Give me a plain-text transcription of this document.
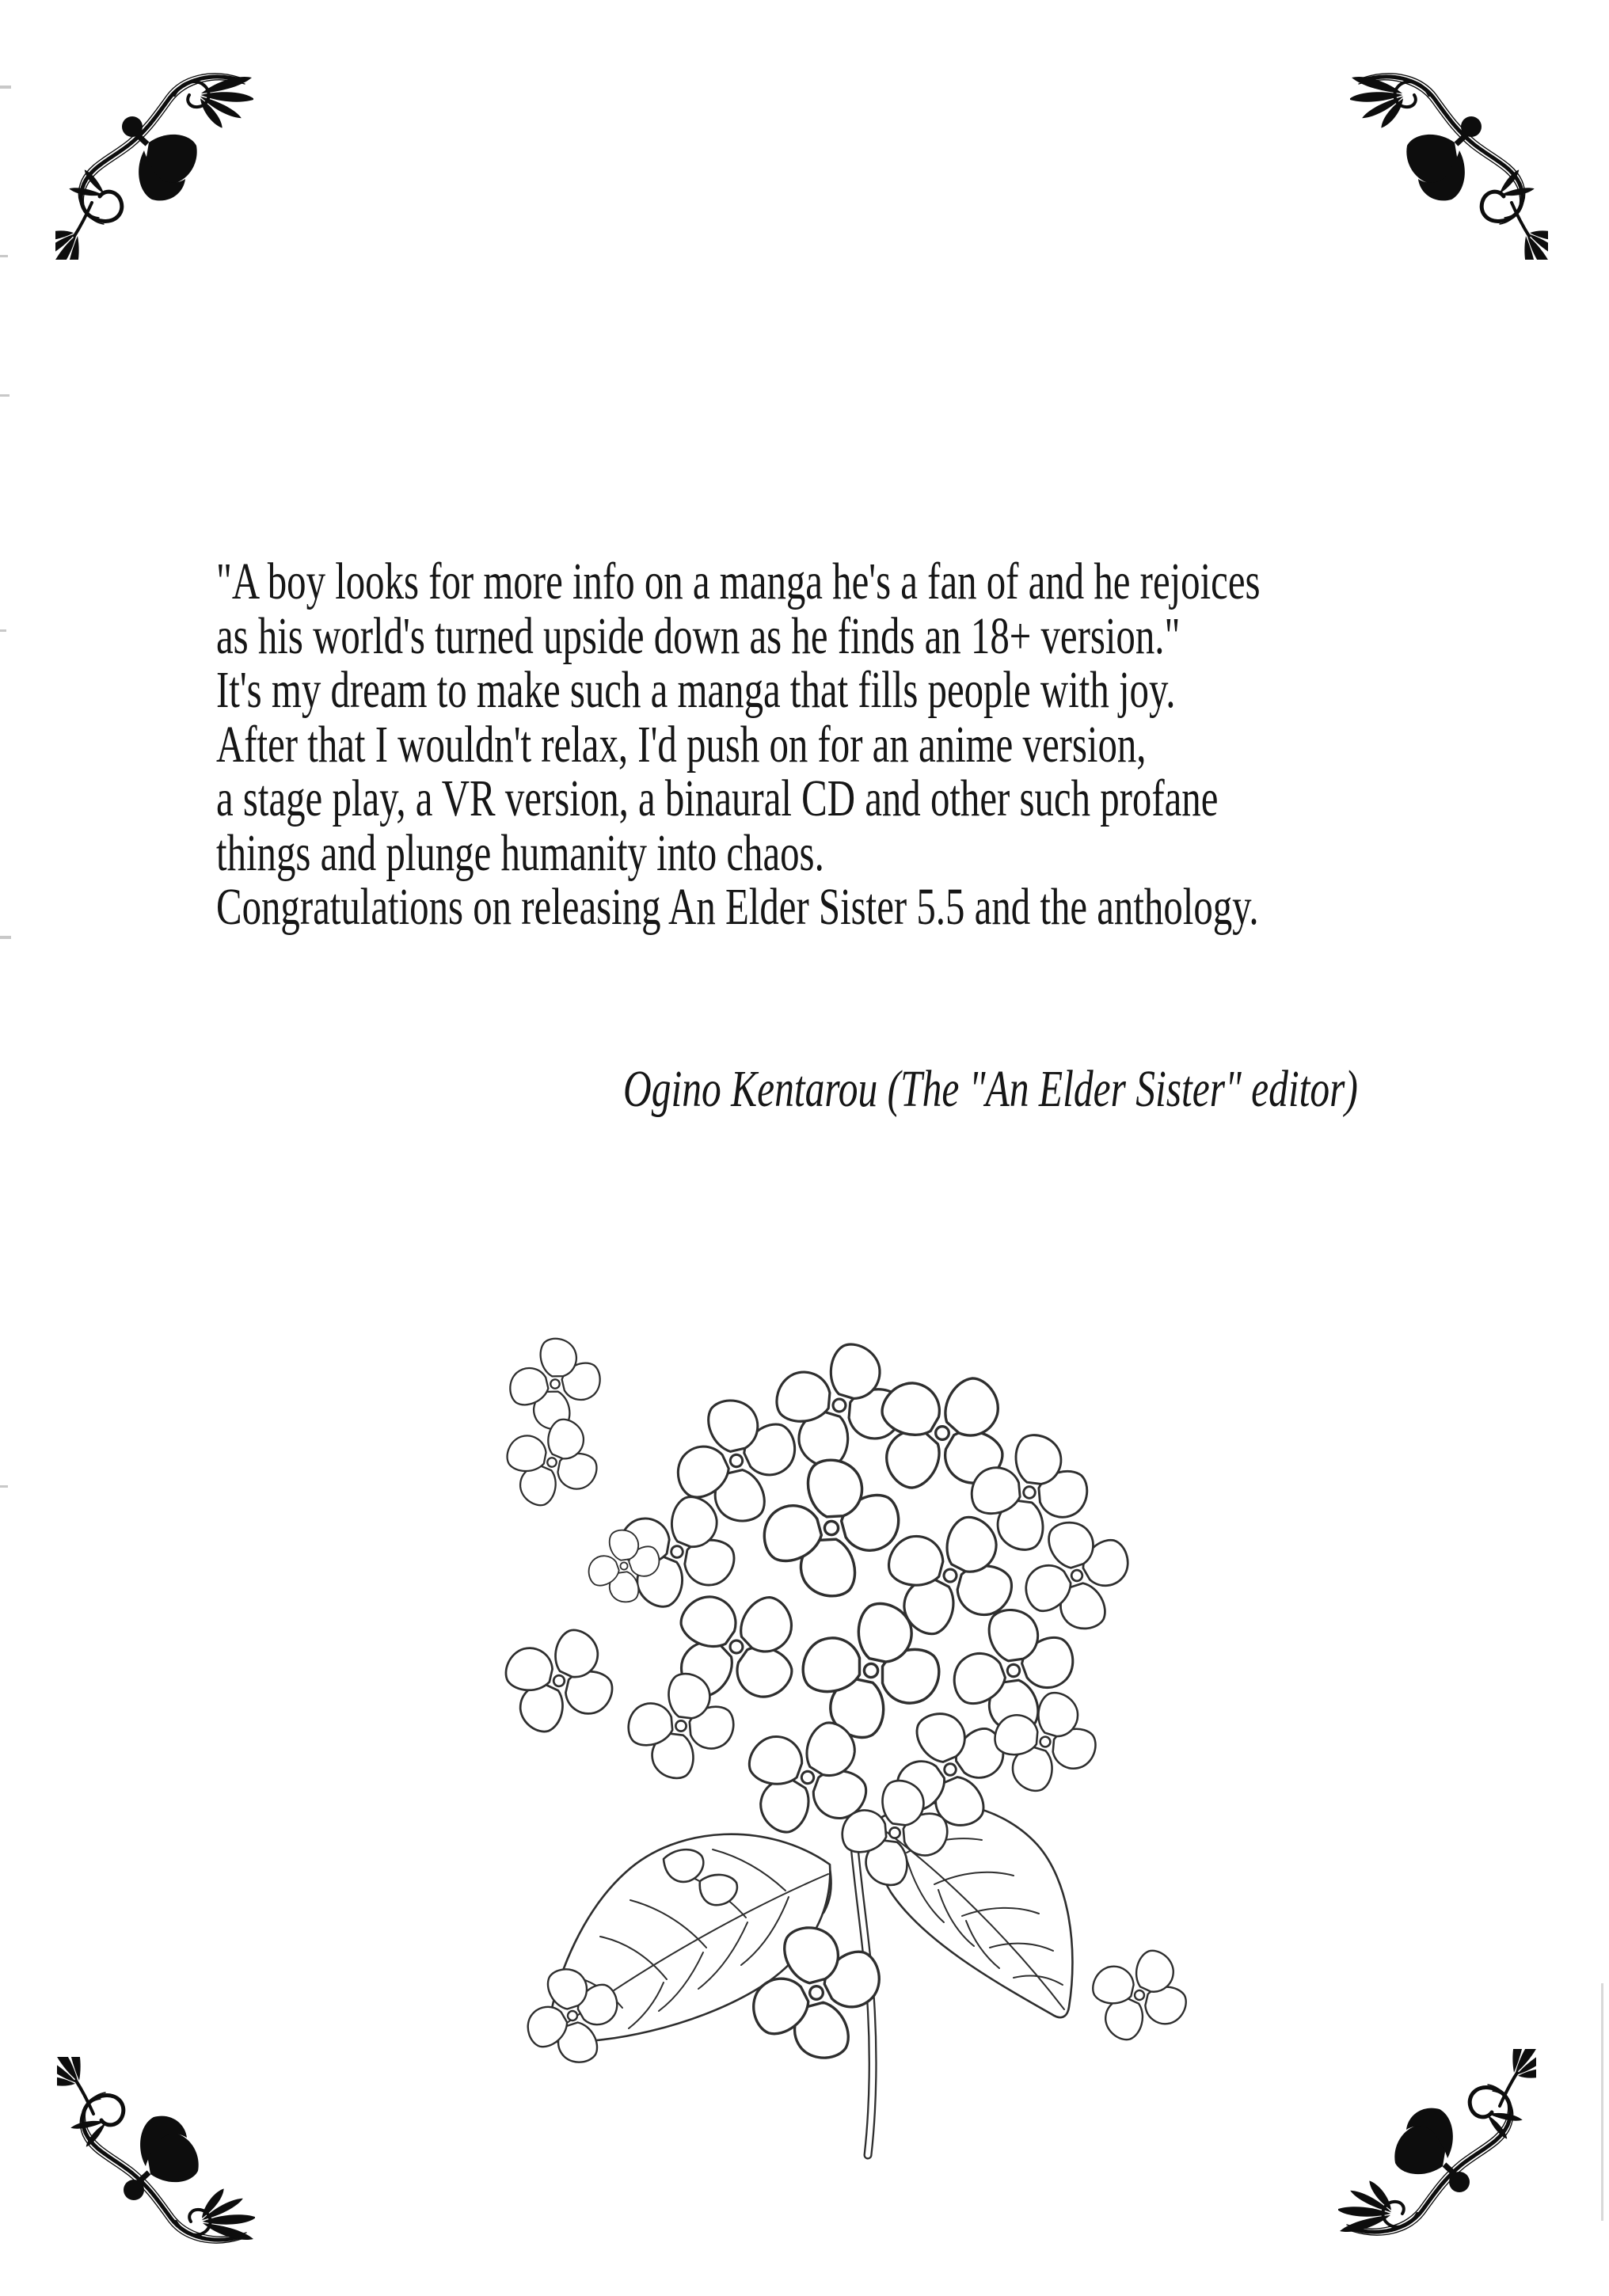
"A boy looks for more info on a manga he's a fan of and he rejoices
as his world's turned upside down as he finds an 18+ version."
It's my dream to make such a manga that fills people with joy.
After that I wouldn't relax, I'd push on for an anime version,
a stage play, a VR version, a binaural CD and other such profane
things and plunge humanity into chaos.
Congratulations on releasing An Elder Sister 5.5 and the anthology.
Ogino Kentarou (The "An Elder Sister" editor)
